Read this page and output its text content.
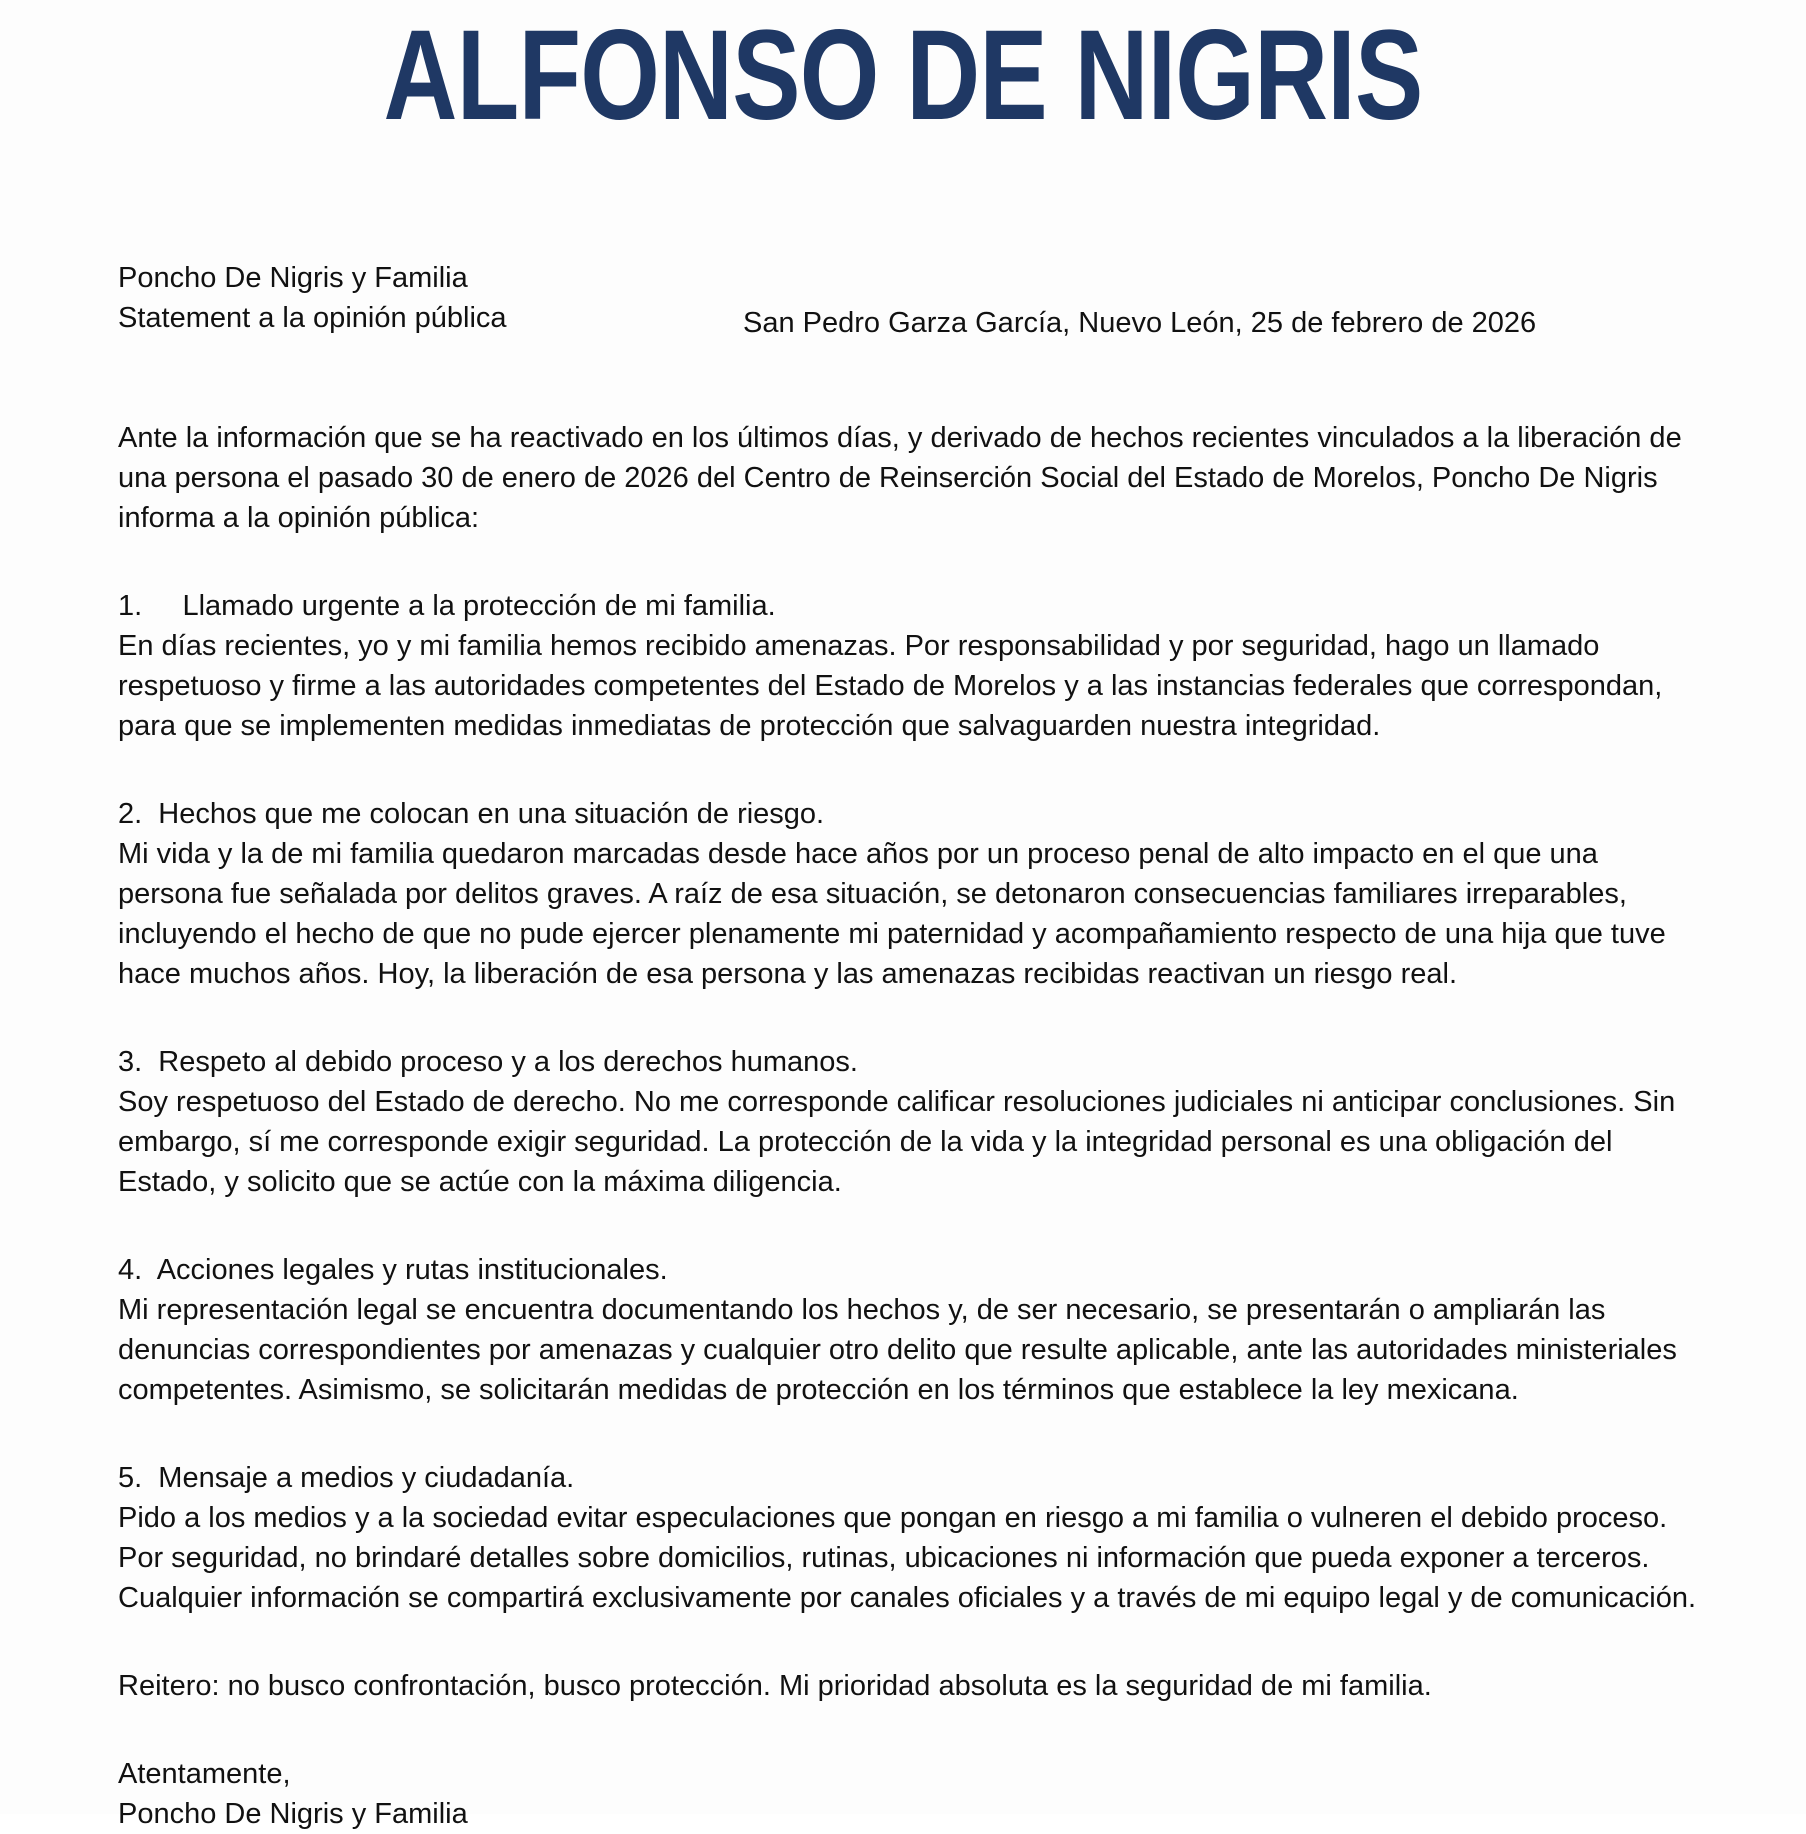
ALFONSO DE NIGRIS
Poncho De Nigris y Familia
Statement a la opinión pública	San Pedro Garza García, Nuevo León, 25 de febrero de 2026

Ante la información que se ha reactivado en los últimos días, y derivado de hechos recientes vinculados a la liberación de una persona el pasado 30 de enero de 2026 del Centro de Reinserción Social del Estado de Morelos, Poncho De Nigris informa a la opinión pública:

1.	Llamado urgente a la protección de mi familia.

En días recientes, yo y mi familia hemos recibido amenazas. Por responsabilidad y por seguridad, hago un llamado respetuoso y firme a las autoridades competentes del Estado de Morelos y a las instancias federales que correspondan, para que se implementen medidas inmediatas de protección que salvaguarden nuestra integridad.

2.  Hechos que me colocan en una situación de riesgo.

Mi vida y la de mi familia quedaron marcadas desde hace años por un proceso penal de alto impacto en el que una persona fue señalada por delitos graves. A raíz de esa situación, se detonaron consecuencias familiares irreparables, incluyendo el hecho de que no pude ejercer plenamente mi paternidad y acompañamiento respecto de una hija que tuve hace muchos años. Hoy, la liberación de esa persona y las amenazas recibidas reactivan un riesgo real.

3.  Respeto al debido proceso y a los derechos humanos.

Soy respetuoso del Estado de derecho. No me corresponde calificar resoluciones judiciales ni anticipar conclusiones. Sin embargo, sí me corresponde exigir seguridad. La protección de la vida y la integridad personal es una obligación del Estado, y solicito que se actúe con la máxima diligencia.

4.  Acciones legales y rutas institucionales.

Mi representación legal se encuentra documentando los hechos y, de ser necesario, se presentarán o ampliarán las denuncias correspondientes por amenazas y cualquier otro delito que resulte aplicable, ante las autoridades ministeriales competentes. Asimismo, se solicitarán medidas de protección en los términos que establece la ley mexicana.

5.  Mensaje a medios y ciudadanía.

Pido a los medios y a la sociedad evitar especulaciones que pongan en riesgo a mi familia o vulneren el debido proceso. Por seguridad, no brindaré detalles sobre domicilios, rutinas, ubicaciones ni información que pueda exponer a terceros. Cualquier información se compartirá exclusivamente por canales oficiales y a través de mi equipo legal y de comunicación.

Reitero: no busco confrontación, busco protección. Mi prioridad absoluta es la seguridad de mi familia.

Atentamente,
Poncho De Nigris y Familia
